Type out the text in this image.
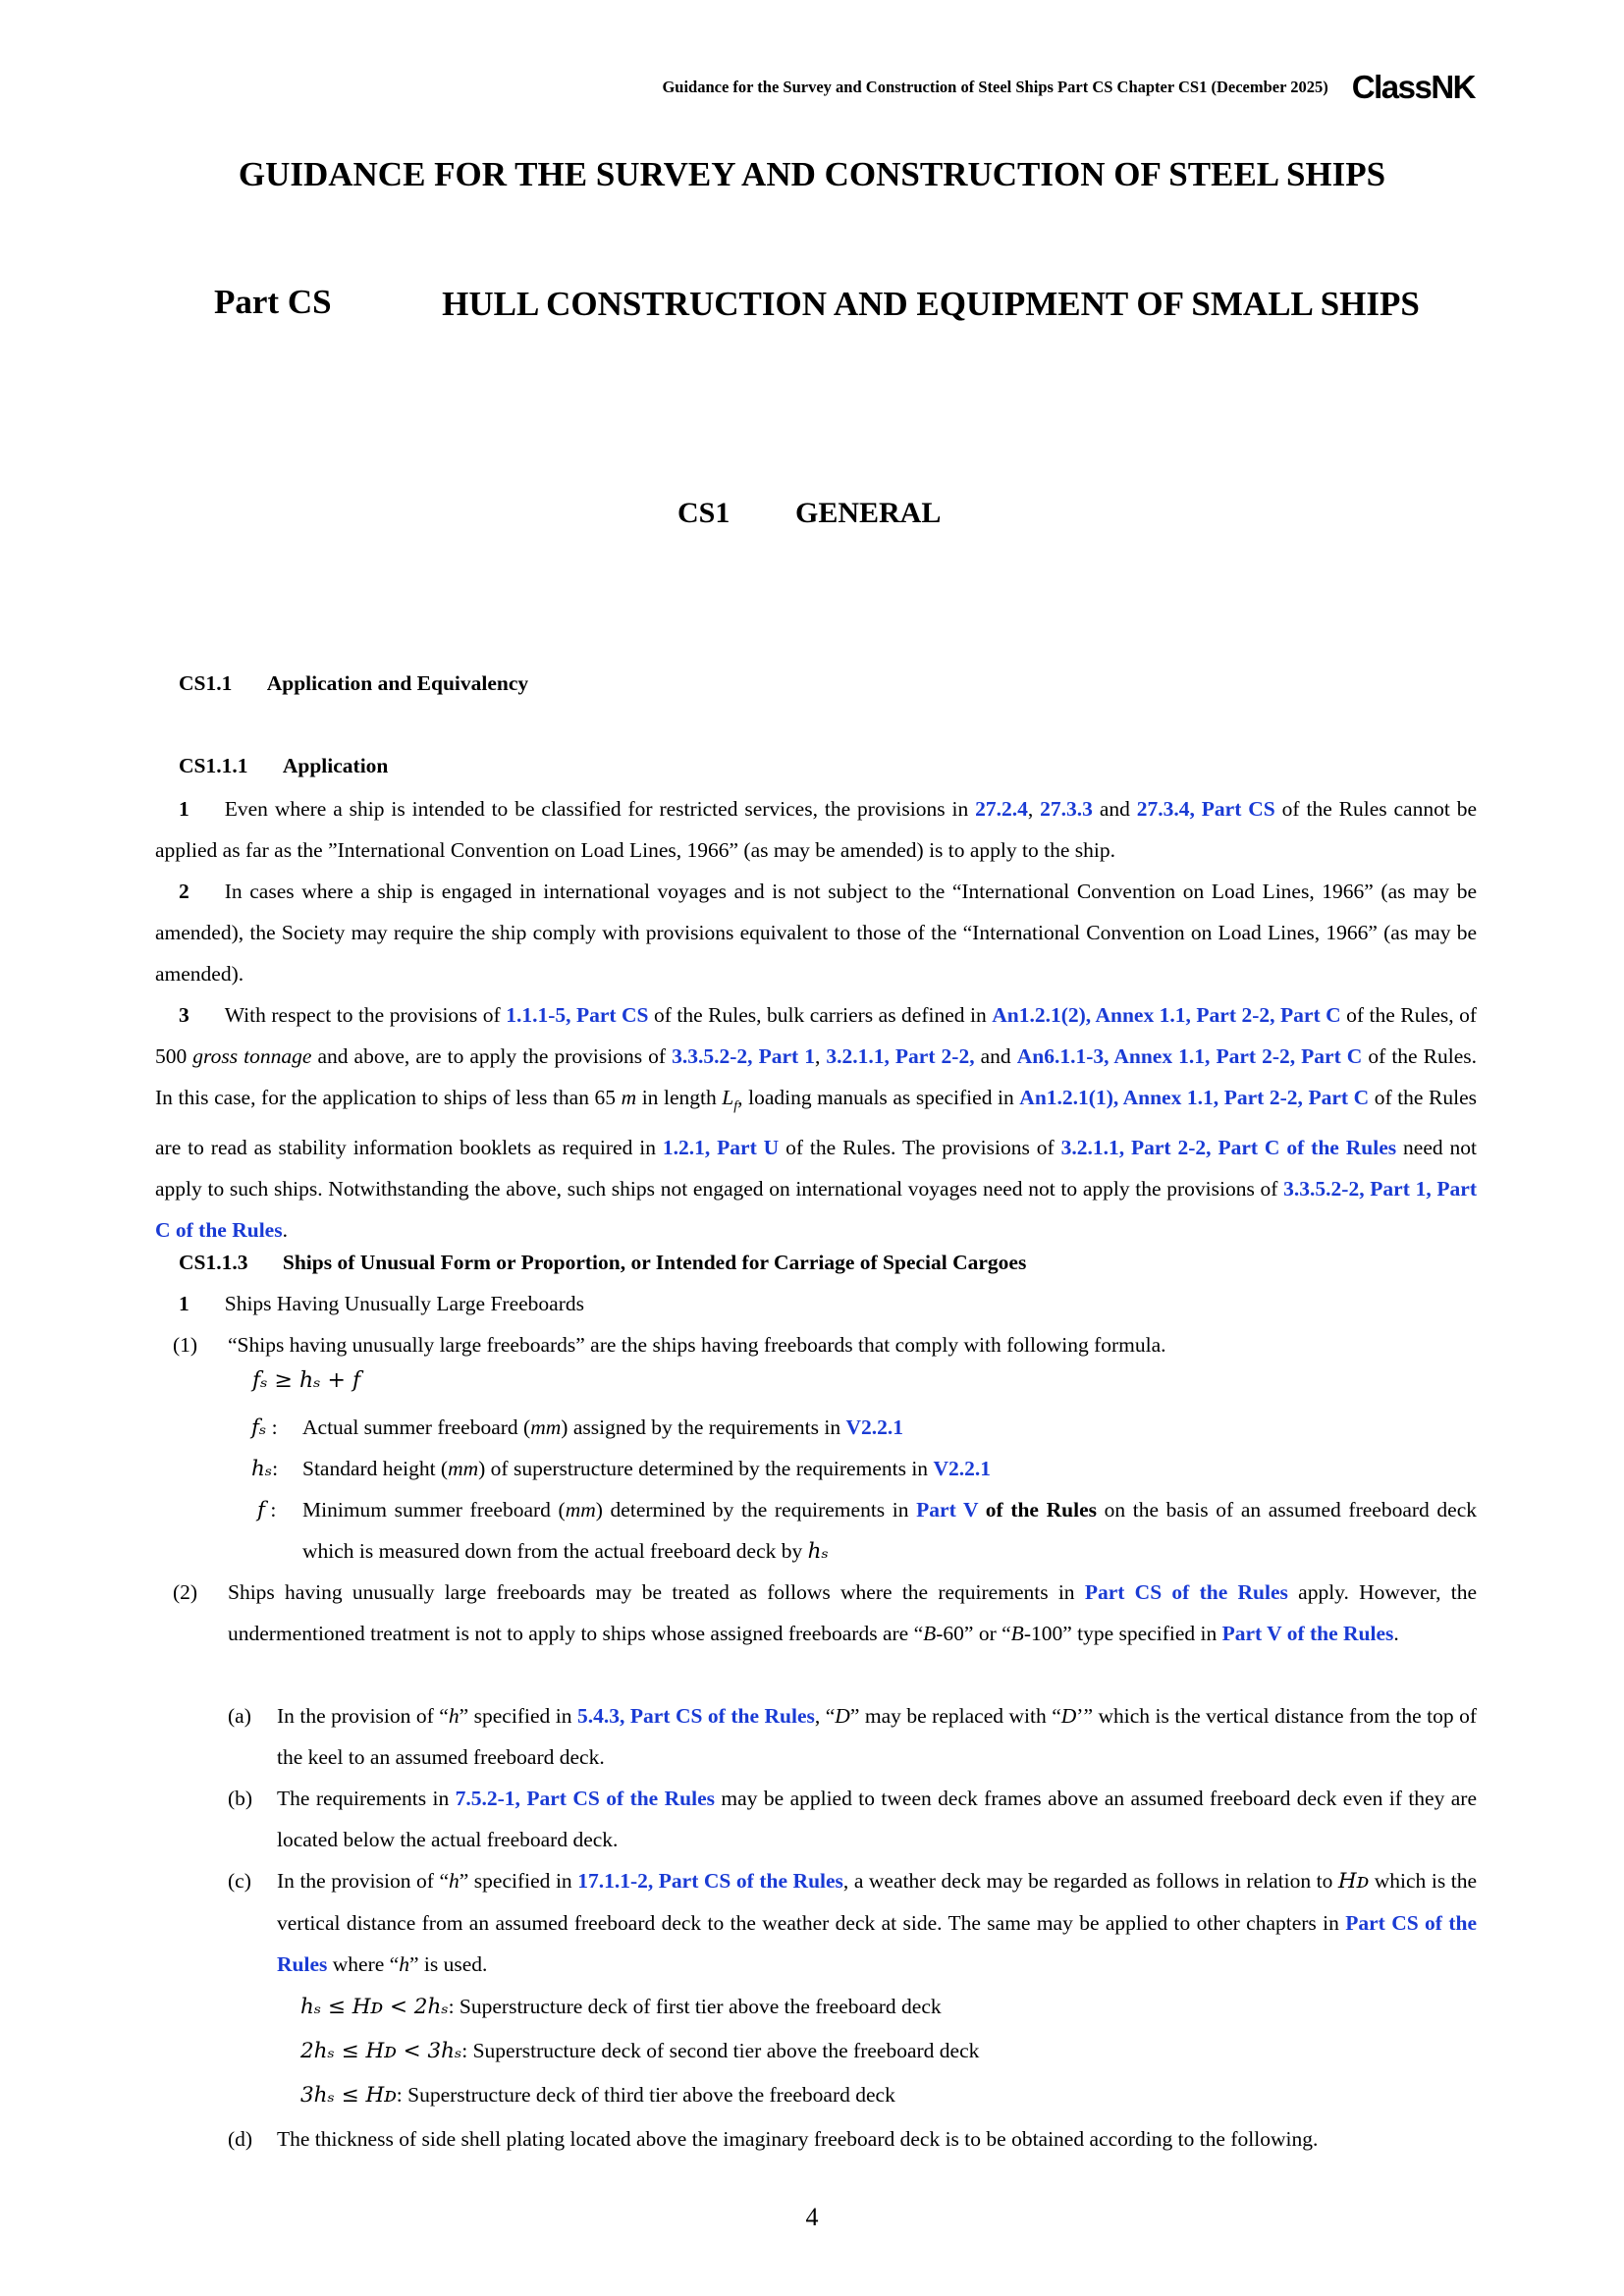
Guidance for the Survey and Construction of Steel Ships Part CS Chapter CS1 (December 2025) ClassNK
GUIDANCE FOR THE SURVEY AND CONSTRUCTION OF STEEL SHIPS
Part CS	HULL CONSTRUCTION AND EQUIPMENT OF SMALL SHIPS
CS1 GENERAL
CS1.1 Application and Equivalency
CS1.1.1 Application
1 Even where a ship is intended to be classified for restricted services, the provisions in 27.2.4, 27.3.3 and 27.3.4, Part CS of the Rules cannot be applied as far as the ”International Convention on Load Lines, 1966” (as may be amended) is to apply to the ship.
2 In cases where a ship is engaged in international voyages and is not subject to the “International Convention on Load Lines, 1966” (as may be amended), the Society may require the ship comply with provisions equivalent to those of the “International Convention on Load Lines, 1966” (as may be amended).
3 With respect to the provisions of 1.1.1-5, Part CS of the Rules, bulk carriers as defined in An1.2.1(2), Annex 1.1, Part 2-2, Part C of the Rules, of 500 gross tonnage and above, are to apply the provisions of 3.3.5.2-2, Part 1, 3.2.1.1, Part 2-2, and An6.1.1-3, Annex 1.1, Part 2-2, Part C of the Rules. In this case, for the application to ships of less than 65 m in length $L_f$, loading manuals as specified in An1.2.1(1), Annex 1.1, Part 2-2, Part C of the Rules are to read as stability information booklets as required in 1.2.1, Part U of the Rules. The provisions of 3.2.1.1, Part 2-2, Part C of the Rules need not apply to such ships. Notwithstanding the above, such ships not engaged on international voyages need not to apply the provisions of 3.3.5.2-2, Part 1, Part C of the Rules.
CS1.1.3 Ships of Unusual Form or Proportion, or Intended for Carriage of Special Cargoes
1 Ships Having Unusually Large Freeboards
(1) “Ships having unusually large freeboards” are the ships having freeboards that comply with following formula.
fₛ ≥ hₛ + f
fₛ : Actual summer freeboard (mm) assigned by the requirements in V2.2.1
hₛ: Standard height (mm) of superstructure determined by the requirements in V2.2.1
f : Minimum summer freeboard (mm) determined by the requirements in Part V of the Rules on the basis of an assumed freeboard deck which is measured down from the actual freeboard deck by hₛ
(2) Ships having unusually large freeboards may be treated as follows where the requirements in Part CS of the Rules apply. However, the undermentioned treatment is not to apply to ships whose assigned freeboards are “B-60” or “B-100” type specified in Part V of the Rules.
(a) In the provision of “h” specified in 5.4.3, Part CS of the Rules, “D” may be replaced with “D’” which is the vertical distance from the top of the keel to an assumed freeboard deck.
(b) The requirements in 7.5.2-1, Part CS of the Rules may be applied to tween deck frames above an assumed freeboard deck even if they are located below the actual freeboard deck.
(c) In the provision of “h” specified in 17.1.1-2, Part CS of the Rules, a weather deck may be regarded as follows in relation to Hᴅ which is the vertical distance from an assumed freeboard deck to the weather deck at side. The same may be applied to other chapters in Part CS of the Rules where “h” is used.
hₛ ≤ Hᴅ < 2hₛ: Superstructure deck of first tier above the freeboard deck
2hₛ ≤ Hᴅ < 3hₛ: Superstructure deck of second tier above the freeboard deck
3hₛ ≤ Hᴅ: Superstructure deck of third tier above the freeboard deck
(d) The thickness of side shell plating located above the imaginary freeboard deck is to be obtained according to the following.
4
